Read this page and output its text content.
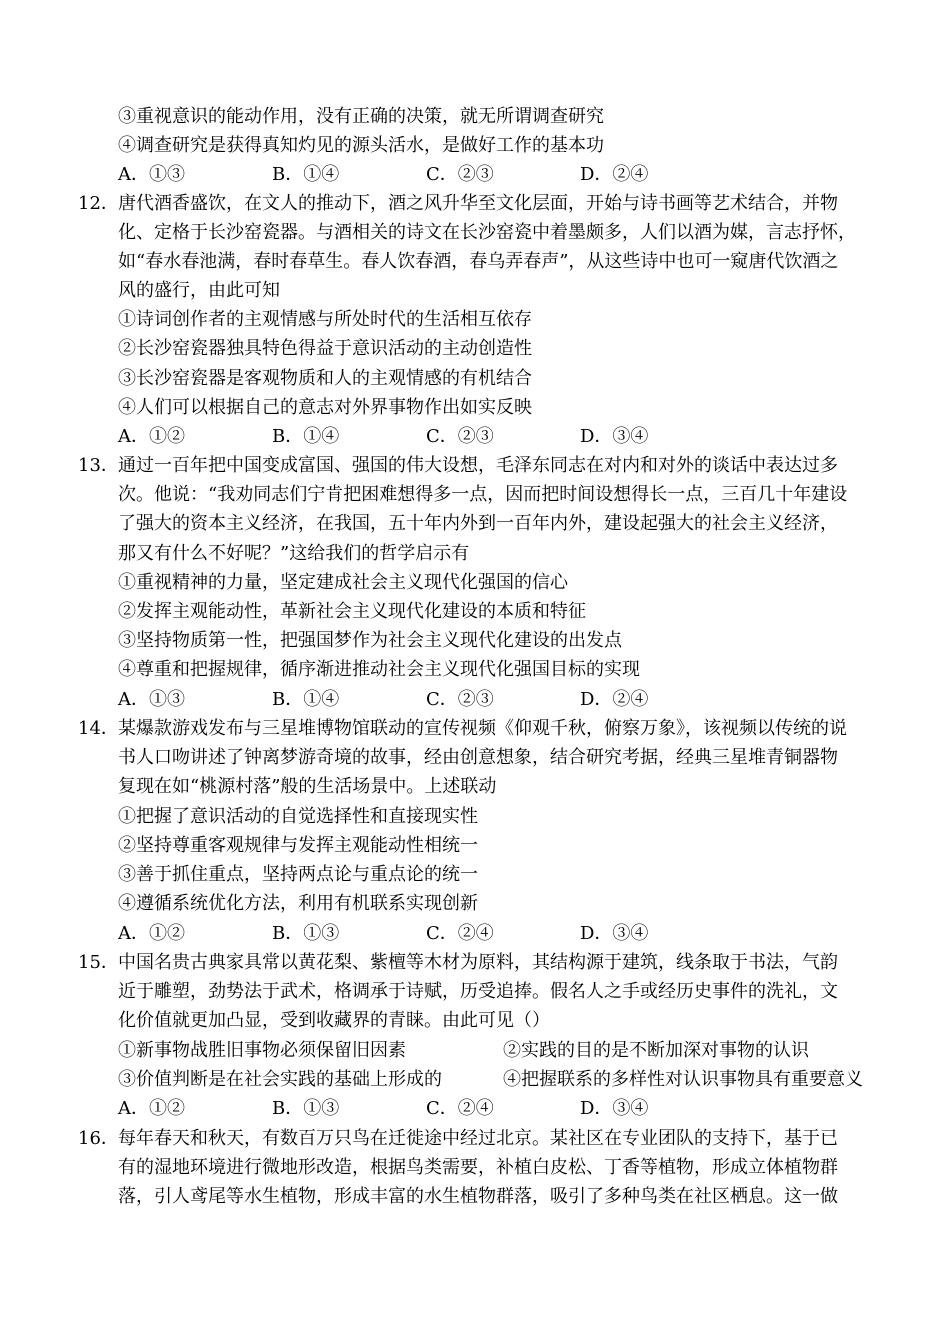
③重视意识的能动作用，没有正确的决策，就无所谓调查研究
④调查研究是获得真知灼见的源头活水，是做好工作的基本功
A．①③	B．①④	C．②③	D．②④
12． 唐代酒香盛饮，在文人的推动下，酒之风升华至文化层面，开始与诗书画等艺术结合，并物
化、定格于长沙窑瓷器。与酒相关的诗文在长沙窑瓷中着墨颇多，人们以酒为媒，言志抒怀，
如“春水春池满，春时春草生。春人饮春酒，春乌弄春声”，从这些诗中也可一窥唐代饮酒之
风的盛行，由此可知
①诗词创作者的主观情感与所处时代的生活相互依存
②长沙窑瓷器独具特色得益于意识活动的主动创造性
③长沙窑瓷器是客观物质和人的主观情感的有机结合
④人们可以根据自己的意志对外界事物作出如实反映
A．①②	B．①④	C．②③	D．③④
13． 通过一百年把中国变成富国、强国的伟大设想，毛泽东同志在对内和对外的谈话中表达过多
次。他说：“我劝同志们宁肯把困难想得多一点，因而把时间设想得长一点，三百几十年建设
了强大的资本主义经济，在我国，五十年内外到一百年内外，建设起强大的社会主义经济，
那又有什么不好呢？”这给我们的哲学启示有
①重视精神的力量，坚定建成社会主义现代化强国的信心
②发挥主观能动性，革新社会主义现代化建设的本质和特征
③坚持物质第一性，把强国梦作为社会主义现代化建设的出发点
④尊重和把握规律，循序渐进推动社会主义现代化强国目标的实现
A．①③	B．①④	C．②③	D．②④
14． 某爆款游戏发布与三星堆博物馆联动的宣传视频《仰观千秋，俯察万象》，该视频以传统的说
书人口吻讲述了钟离梦游奇境的故事，经由创意想象，结合研究考据，经典三星堆青铜器物
复现在如“桃源村落”般的生活场景中。上述联动
①把握了意识活动的自觉选择性和直接现实性
②坚持尊重客观规律与发挥主观能动性相统一
③善于抓住重点，坚持两点论与重点论的统一
④遵循系统优化方法，利用有机联系实现创新
A．①②	B．①③	C．②④	D．③④
15． 中国名贵古典家具常以黄花梨、紫檀等木材为原料，其结构源于建筑，线条取于书法，气韵
近于雕塑，劲势法于武术，格调承于诗赋，历受追捧。假名人之手或经历史事件的洗礼，文
化价值就更加凸显，受到收藏界的青睐。由此可见（）
①新事物战胜旧事物必须保留旧因素	②实践的目的是不断加深对事物的认识
③价值判断是在社会实践的基础上形成的	④把握联系的多样性对认识事物具有重要意义
A．①②	B．①③	C．②④	D．③④
16． 每年春天和秋天，有数百万只鸟在迁徙途中经过北京。某社区在专业团队的支持下，基于已
有的湿地环境进行微地形改造，根据鸟类需要，补植白皮松、丁香等植物，形成立体植物群
落，引人鸢尾等水生植物，形成丰富的水生植物群落，吸引了多种鸟类在社区栖息。这一做
